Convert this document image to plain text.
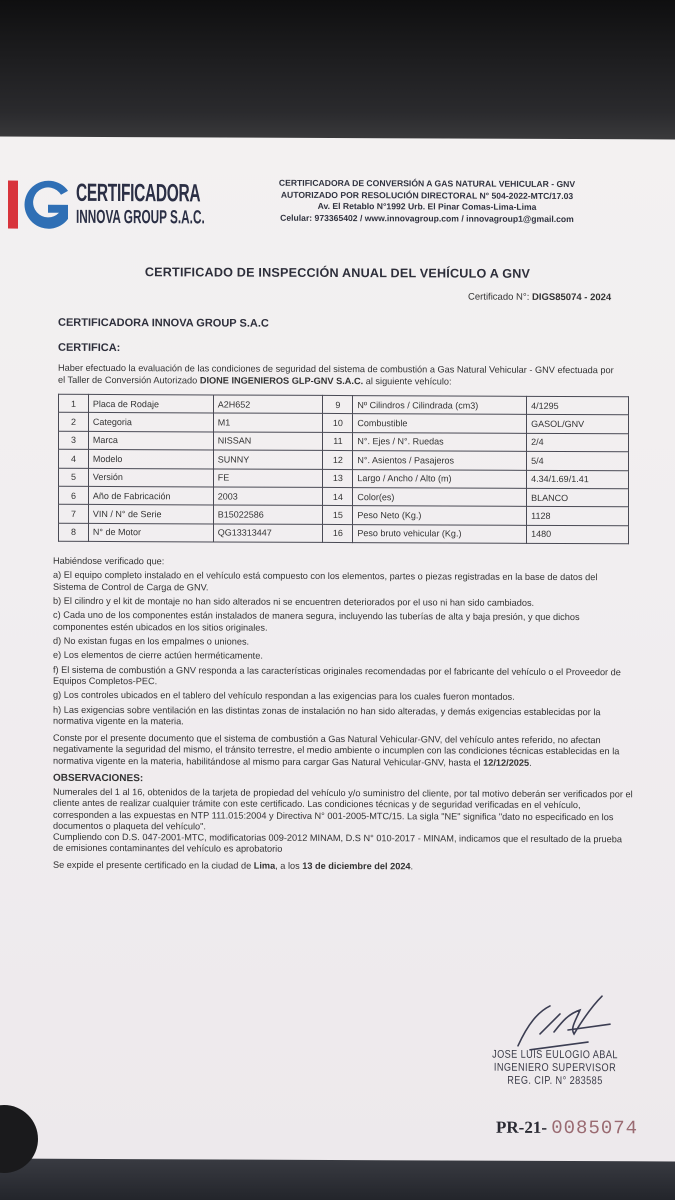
CERTIFICADORA
INNOVA GROUP S.A.C.
CERTIFICADORA DE CONVERSIÓN A GAS NATURAL VEHICULAR - GNV
AUTORIZADO POR RESOLUCIÓN DIRECTORAL N° 504-2022-MTC/17.03
Av. El Retablo N°1992 Urb. El Pinar Comas-Lima-Lima
Celular: 973365402 / www.innovagroup.com / innovagroup1@gmail.com
CERTIFICADO DE INSPECCIÓN ANUAL DEL VEHÍCULO A GNV
Certificado N°: DIGS85074 - 2024
CERTIFICADORA INNOVA GROUP S.A.C
CERTIFICA:
Haber efectuado la evaluación de las condiciones de seguridad del sistema de combustión a Gas Natural Vehicular - GNV efectuada por el Taller de Conversión Autorizado DIONE INGENIEROS GLP-GNV S.A.C. al siguiente vehículo:
1	Placa de Rodaje	A2H652	9	Nº Cilindros / Cilindrada (cm3)	4/1295
2	Categoria	M1	10	Combustible	GASOL/GNV
3	Marca	NISSAN	11	N°. Ejes / N°. Ruedas	2/4
4	Modelo	SUNNY	12	N°. Asientos / Pasajeros	5/4
5	Versión	FE	13	Largo / Ancho / Alto (m)	4.34/1.69/1.41
6	Año de Fabricación	2003	14	Color(es)	BLANCO
7	VIN / N° de Serie	B15022586	15	Peso Neto (Kg.)	1128
8	N° de Motor	QG13313447	16	Peso bruto vehicular (Kg.)	1480

Habiéndose verificado que:

a) El equipo completo instalado en el vehículo está compuesto con los elementos, partes o piezas registradas en la base de datos del Sistema de Control de Carga de GNV.

b) El cilindro y el kit de montaje no han sido alterados ni se encuentren deteriorados por el uso ni han sido cambiados.

c) Cada uno de los componentes están instalados de manera segura, incluyendo las tuberías de alta y baja presión, y que dichos componentes estén ubicados en los sitios originales.

d) No existan fugas en los empalmes o uniones.

e) Los elementos de cierre actúen herméticamente.

f) El sistema de combustión a GNV responda a las características originales recomendadas por el fabricante del vehículo o el Proveedor de Equipos Completos-PEC.

g) Los controles ubicados en el tablero del vehículo respondan a las exigencias para los cuales fueron montados.

h) Las exigencias sobre ventilación en las distintas zonas de instalación no han sido alteradas, y demás exigencias establecidas por la normativa vigente en la materia.

Conste por el presente documento que el sistema de combustión a Gas Natural Vehicular-GNV, del vehículo antes referido, no afectan negativamente la seguridad del mismo, el tránsito terrestre, el medio ambiente o incumplen con las condiciones técnicas establecidas en la normativa vigente en la materia, habilitándose al mismo para cargar Gas Natural Vehicular-GNV, hasta el 12/12/2025.

OBSERVACIONES:

Numerales del 1 al 16, obtenidos de la tarjeta de propiedad del vehículo y/o suministro del cliente, por tal motivo deberán ser verificados por el cliente antes de realizar cualquier trámite con este certificado. Las condiciones técnicas y de seguridad verificadas en el vehículo, corresponden a las expuestas en NTP 111.015:2004 y Directiva N° 001-2005-MTC/15. La sigla "NE" significa "dato no especificado en los documentos o plaqueta del vehículo".

Cumpliendo con D.S. 047-2001-MTC, modificatorias 009-2012 MINAM, D.S N° 010-2017 - MINAM, indicamos que el resultado de la prueba de emisiones contaminantes del vehículo es aprobatorio

Se expide el presente certificado en la ciudad de Lima, a los 13 de diciembre del 2024.

JOSE LUIS EULOGIO ABAL
INGENIERO SUPERVISOR
REG. CIP. N° 283585
PR-21- 0085074
